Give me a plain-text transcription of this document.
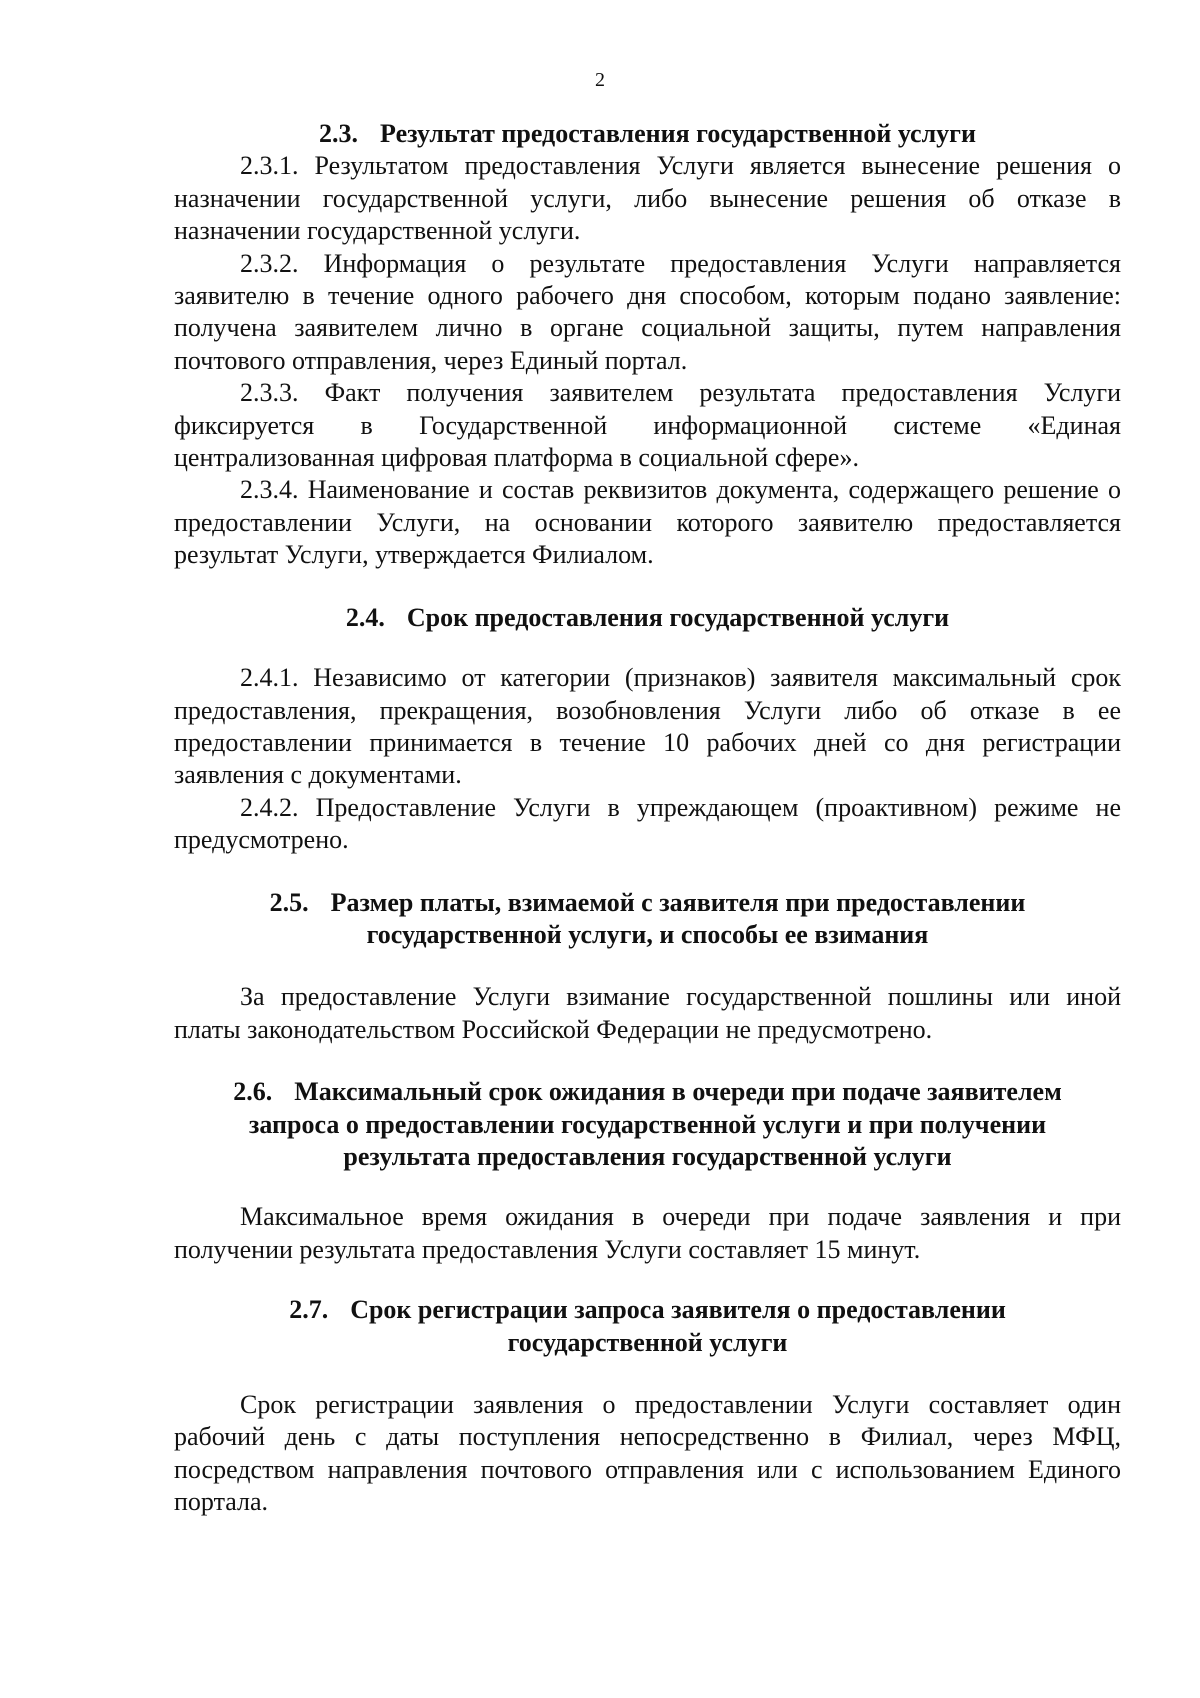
2

2.3. Результат предоставления государственной услуги

2.3.1. Результатом предоставления Услуги является вынесение решения о назначении государственной услуги, либо вынесение решения об отказе в назначении государственной услуги.

2.3.2. Информация о результате предоставления Услуги направляется заявителю в течение одного рабочего дня способом, которым подано заявление: получена заявителем лично в органе социальной защиты, путем направления почтового отправления, через Единый портал.

2.3.3. Факт получения заявителем результата предоставления Услуги фиксируется в Государственной информационной системе «Единая централизованная цифровая платформа в социальной сфере».

2.3.4. Наименование и состав реквизитов документа, содержащего решение о предоставлении Услуги, на основании которого заявителю предоставляется результат Услуги, утверждается Филиалом.

2.4. Срок предоставления государственной услуги

2.4.1. Независимо от категории (признаков) заявителя максимальный срок предоставления, прекращения, возобновления Услуги либо об отказе в ее предоставлении принимается в течение 10 рабочих дней со дня регистрации заявления с документами.

2.4.2. Предоставление Услуги в упреждающем (проактивном) режиме не предусмотрено.

2.5. Размер платы, взимаемой с заявителя при предоставлении

государственной услуги, и способы ее взимания

За предоставление Услуги взимание государственной пошлины или иной платы законодательством Российской Федерации не предусмотрено.

2.6. Максимальный срок ожидания в очереди при подаче заявителем

запроса о предоставлении государственной услуги и при получении

результата предоставления государственной услуги

Максимальное время ожидания в очереди при подаче заявления и при получении результата предоставления Услуги составляет 15 минут.

2.7. Срок регистрации запроса заявителя о предоставлении

государственной услуги

Срок регистрации заявления о предоставлении Услуги составляет один рабочий день с даты поступления непосредственно в Филиал, через МФЦ, посредством направления почтового отправления или с использованием Единого портала.
